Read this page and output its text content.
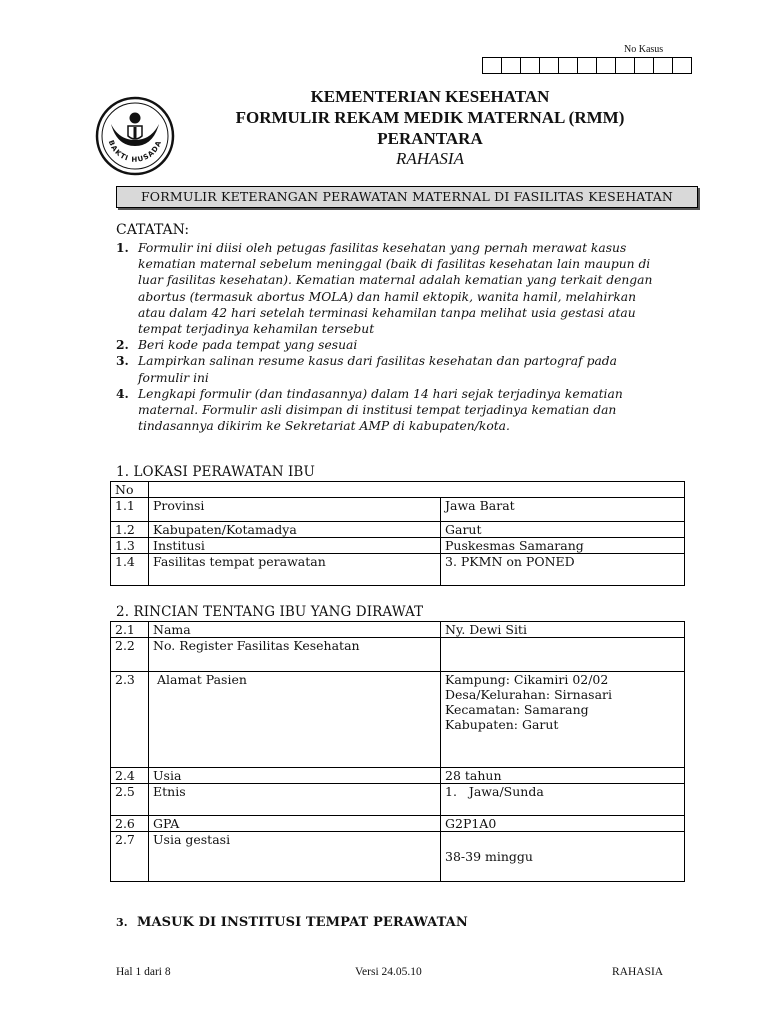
No Kasus
BAKTI HUSADA
KEMENTERIAN KESEHATAN
FORMULIR REKAM MEDIK MATERNAL (RMM)
PERANTARA
RAHASIA
FORMULIR KETERANGAN PERAWATAN MATERNAL DI FASILITAS KESEHATAN
CATATAN:
1. Formulir ini diisi oleh petugas fasilitas kesehatan yang pernah merawat kasus
kematian maternal sebelum meninggal (baik di fasilitas kesehatan lain maupun di
luar fasilitas kesehatan). Kematian maternal adalah kematian yang terkait dengan
abortus (termasuk abortus MOLA) dan hamil ektopik, wanita hamil, melahirkan
atau dalam 42 hari setelah terminasi kehamilan tanpa melihat usia gestasi atau
tempat terjadinya kehamilan tersebut
2. Beri kode pada tempat yang sesuai
3. Lampirkan salinan resume kasus dari fasilitas kesehatan dan partograf pada
formulir ini
4. Lengkapi formulir (dan tindasannya) dalam 14 hari sejak terjadinya kematian
maternal. Formulir asli disimpan di institusi tempat terjadinya kematian dan
tindasannya dikirim ke Sekretariat AMP di kabupaten/kota.
1. LOKASI PERAWATAN IBU
No		
1.1	Provinsi	Jawa Barat
1.2	Kabupaten/Kotamadya	Garut
1.3	Institusi	Puskesmas Samarang
1.4	Fasilitas tempat perawatan	3. PKMN on PONED
2. RINCIAN TENTANG IBU YANG DIRAWAT
2.1	Nama	Ny. Dewi Siti
2.2	No. Register Fasilitas Kesehatan	
2.3	Alamat Pasien	Kampung: Cikamiri 02/02
Desa/Kelurahan: Sirnasari
Kecamatan: Samarang
Kabupaten: Garut

2.4	Usia	28 tahun
2.5	Etnis	1.   Jawa/Sunda
2.6	GPA	G2P1A0
2.7	Usia gestasi	38-39 minggu
3. MASUK DI INSTITUSI TEMPAT PERAWATAN
Hal 1 dari 8	Versi 24.05.10	RAHASIA
